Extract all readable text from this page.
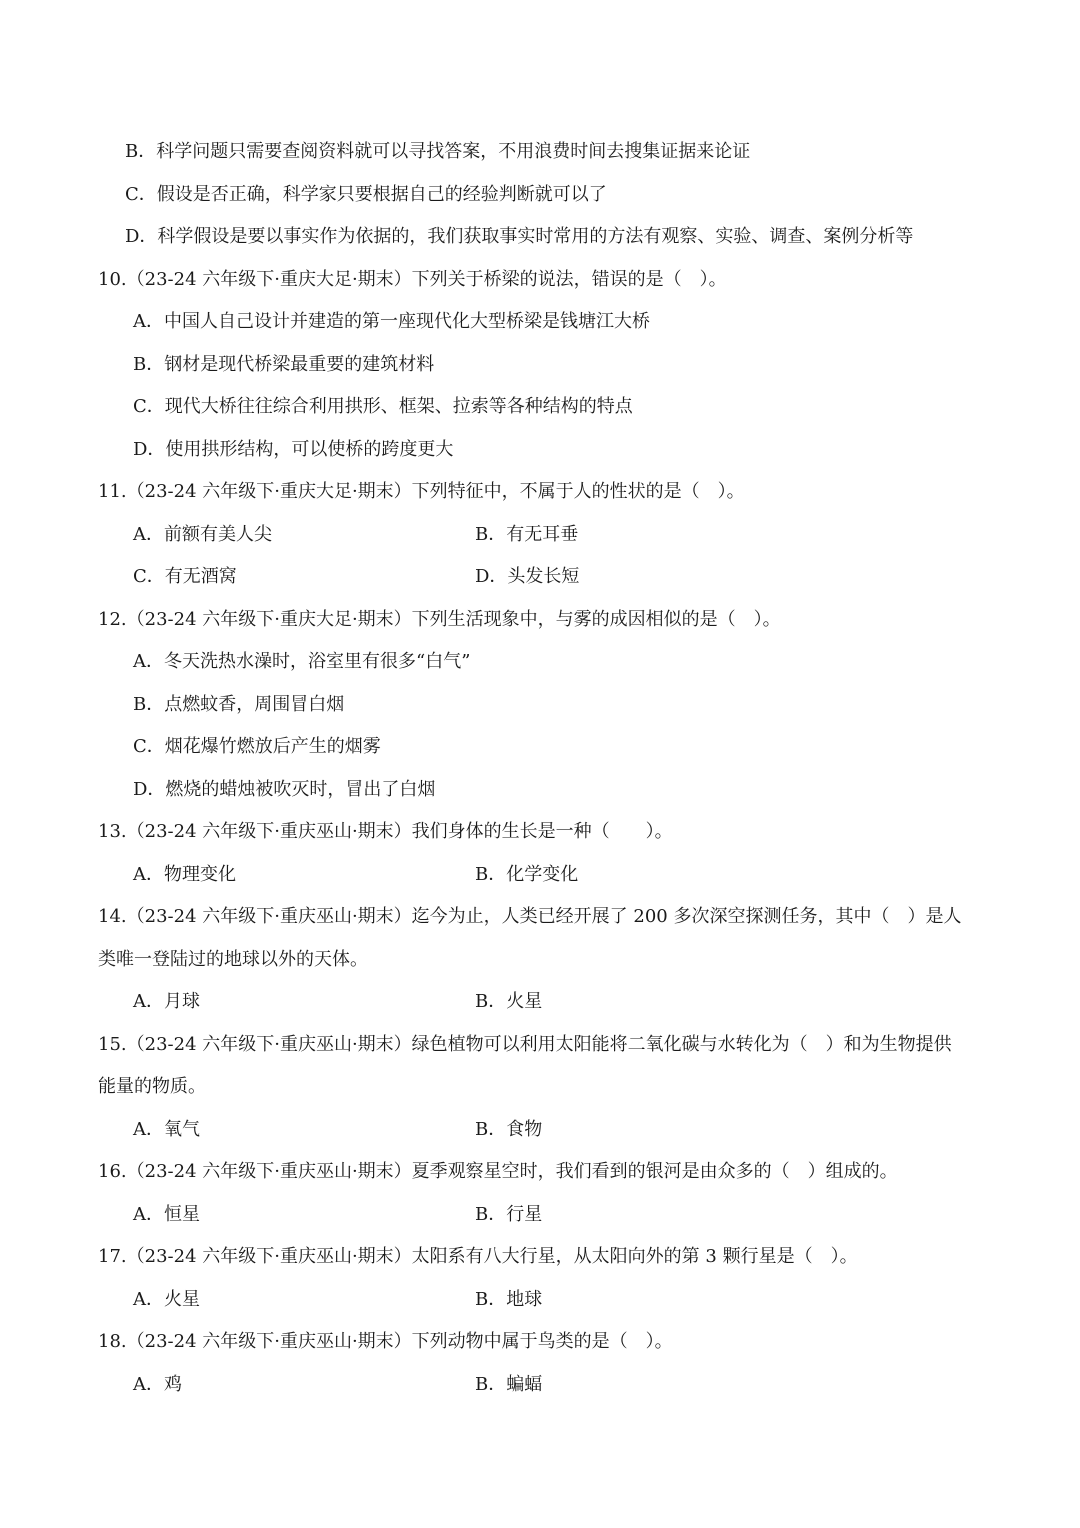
B．科学问题只需要查阅资料就可以寻找答案，不用浪费时间去搜集证据来论证
C．假设是否正确，科学家只要根据自己的经验判断就可以了
D．科学假设是要以事实作为依据的，我们获取事实时常用的方法有观察、实验、调查、案例分析等
10.（23-24 六年级下·重庆大足·期末）下列关于桥梁的说法，错误的是（　）。
A．中国人自己设计并建造的第一座现代化大型桥梁是钱塘江大桥
B．钢材是现代桥梁最重要的建筑材料
C．现代大桥往往综合利用拱形、框架、拉索等各种结构的特点
D．使用拱形结构，可以使桥的跨度更大
11.（23-24 六年级下·重庆大足·期末）下列特征中，不属于人的性状的是（　）。
A．前额有美人尖	B．有无耳垂
C．有无酒窝	D．头发长短
12.（23-24 六年级下·重庆大足·期末）下列生活现象中，与雾的成因相似的是（　）。
A．冬天洗热水澡时，浴室里有很多“白气”
B．点燃蚊香，周围冒白烟
C．烟花爆竹燃放后产生的烟雾
D．燃烧的蜡烛被吹灭时，冒出了白烟
13.（23-24 六年级下·重庆巫山·期末）我们身体的生长是一种（　　）。
A．物理变化	B．化学变化
14.（23-24 六年级下·重庆巫山·期末）迄今为止，人类已经开展了 200 多次深空探测任务，其中（　）是人
类唯一登陆过的地球以外的天体。
A．月球	B．火星
15.（23-24 六年级下·重庆巫山·期末）绿色植物可以利用太阳能将二氧化碳与水转化为（　）和为生物提供
能量的物质。
A．氧气	B．食物
16.（23-24 六年级下·重庆巫山·期末）夏季观察星空时，我们看到的银河是由众多的（　）组成的。
A．恒星	B．行星
17.（23-24 六年级下·重庆巫山·期末）太阳系有八大行星，从太阳向外的第 3 颗行星是（　）。
A．火星	B．地球
18.（23-24 六年级下·重庆巫山·期末）下列动物中属于鸟类的是（　）。
A．鸡	B．蝙蝠
